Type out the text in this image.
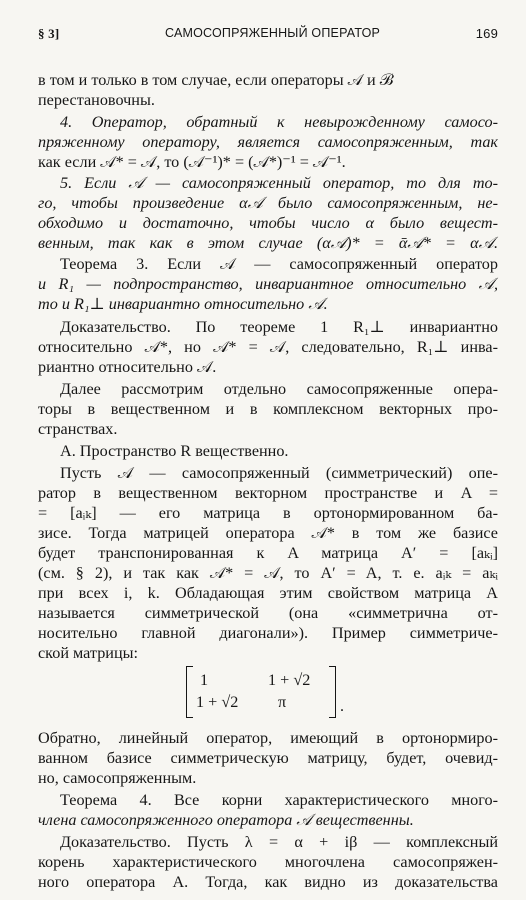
§ 3]	САМОСОПРЯЖЕННЫЙ ОПЕРАТОР	169
в том и только в том случае, если операторы 𝒜 и ℬ
перестановочны.
4. Оператор, обратный к невырожденному самосо-
пряженному оператору, является самосопряженным, так
как если 𝒜* = 𝒜, то (𝒜⁻¹)* = (𝒜*)⁻¹ = 𝒜⁻¹.
5. Если 𝒜 — самосопряженный оператор, то для то-
го, чтобы произведение α𝒜 было самосопряженным, не-
обходимо и достаточно, чтобы число α было вещест-
венным, так как в этом случае (α𝒜)* = ᾱ𝒜* = α𝒜.
Теорема 3. Если 𝒜 — самосопряженный оператор
и R₁ — подпространство, инвариантное относительно 𝒜,
то и R₁⊥ инвариантно относительно 𝒜.
Доказательство. По теореме 1 R₁⊥ инвариантно
относительно 𝒜*, но 𝒜* = 𝒜, следовательно, R₁⊥ инва-
риантно относительно 𝒜.
Далее рассмотрим отдельно самосопряженные опера-
торы в вещественном и в комплексном векторных про-
странствах.
А. Пространство R вещественно.
Пусть 𝒜 — самосопряженный (симметрический) опе-
ратор в вещественном векторном пространстве и A =
= [aᵢₖ] — его матрица в ортонормированном ба-
зисе. Тогда матрицей оператора 𝒜* в том же базисе
будет транспонированная к A матрица A′ = [aₖᵢ]
(см. § 2), и так как 𝒜* = 𝒜, то A′ = A, т. е. aᵢₖ = aₖᵢ
при всех i, k. Обладающая этим свойством матрица A
называется симметрической (она «симметрична от-
носительно главной диагонали»). Пример симметриче-
ской матрицы:
1	1 + √2
1 + √2 π	.
Обратно, линейный оператор, имеющий в ортонормиро-
ванном базисе симметрическую матрицу, будет, очевид-
но, самосопряженным.
Теорема 4. Все корни характеристического много-
члена самосопряженного оператора 𝒜 вещественны.
Доказательство. Пусть λ = α + iβ — комплексный
корень характеристического многочлена самосопряжен-
ного оператора A. Тогда, как видно из доказательства
